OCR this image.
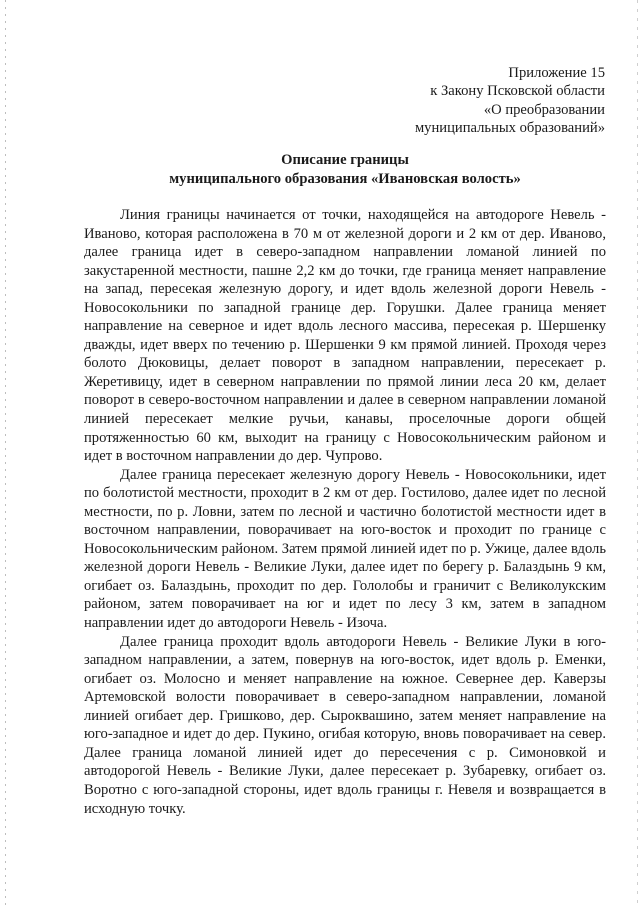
Приложение 15
к Закону Псковской области
«О преобразовании
муниципальных образований»
Описание границы
муниципального образования «Ивановская волость»

Линия границы начинается от точки, находящейся на автодороге Невель - Иваново, которая расположена в 70 м от железной дороги и 2 км от дер. Иваново, далее граница идет в северо-западном направлении ломаной линией по закустаренной местности, пашне 2,2 км до точки, где граница меняет направление на запад, пересекая железную дорогу, и идет вдоль железной дороги Невель - Новосокольники по западной границе дер. Горушки. Далее граница меняет направление на северное и идет вдоль лесного массива, пересекая р. Шершенку дважды, идет вверх по течению р. Шершенки 9 км прямой линией. Проходя через болото Дюковицы, делает поворот в западном направлении, пересекает р. Жеретивицу, идет в северном направлении по прямой линии леса 20 км, делает поворот в северо-восточном направлении и далее в северном направлении ломаной линией пересекает мелкие ручьи, канавы, проселочные дороги общей протяженностью 60 км, выходит на границу с Новосокольническим районом и идет в восточном направлении до дер. Чупрово.

Далее граница пересекает железную дорогу Невель - Новосокольники, идет по болотистой местности, проходит в 2 км от дер. Гостилово, далее идет по лесной местности, по р. Ловни, затем по лесной и частично болотистой местности идет в восточном направлении, поворачивает на юго-восток и проходит по границе с Новосокольническим районом. Затем прямой линией идет по р. Ужице, далее вдоль железной дороги Невель - Великие Луки, далее идет по берегу р. Балаздынь 9 км, огибает оз. Балаздынь, проходит по дер. Гололобы и граничит с Великолукским районом, затем поворачивает на юг и идет по лесу 3 км, затем в западном направлении идет до автодороги Невель - Изоча.

Далее граница проходит вдоль автодороги Невель - Великие Луки в юго-западном направлении, а затем, повернув на юго-восток, идет вдоль р. Еменки, огибает оз. Молосно и меняет направление на южное. Севернее дер. Каверзы Артемовской волости поворачивает в северо-западном направлении, ломаной линией огибает дер. Гришково, дер. Сыроквашино, затем меняет направление на юго-западное и идет до дер. Пукино, огибая которую, вновь поворачивает на север. Далее граница ломаной линией идет до пересечения с р. Симоновкой и автодорогой Невель - Великие Луки, далее пересекает р. Зубаревку, огибает оз. Воротно с юго-западной стороны, идет вдоль границы г. Невеля и возвращается в исходную точку.
